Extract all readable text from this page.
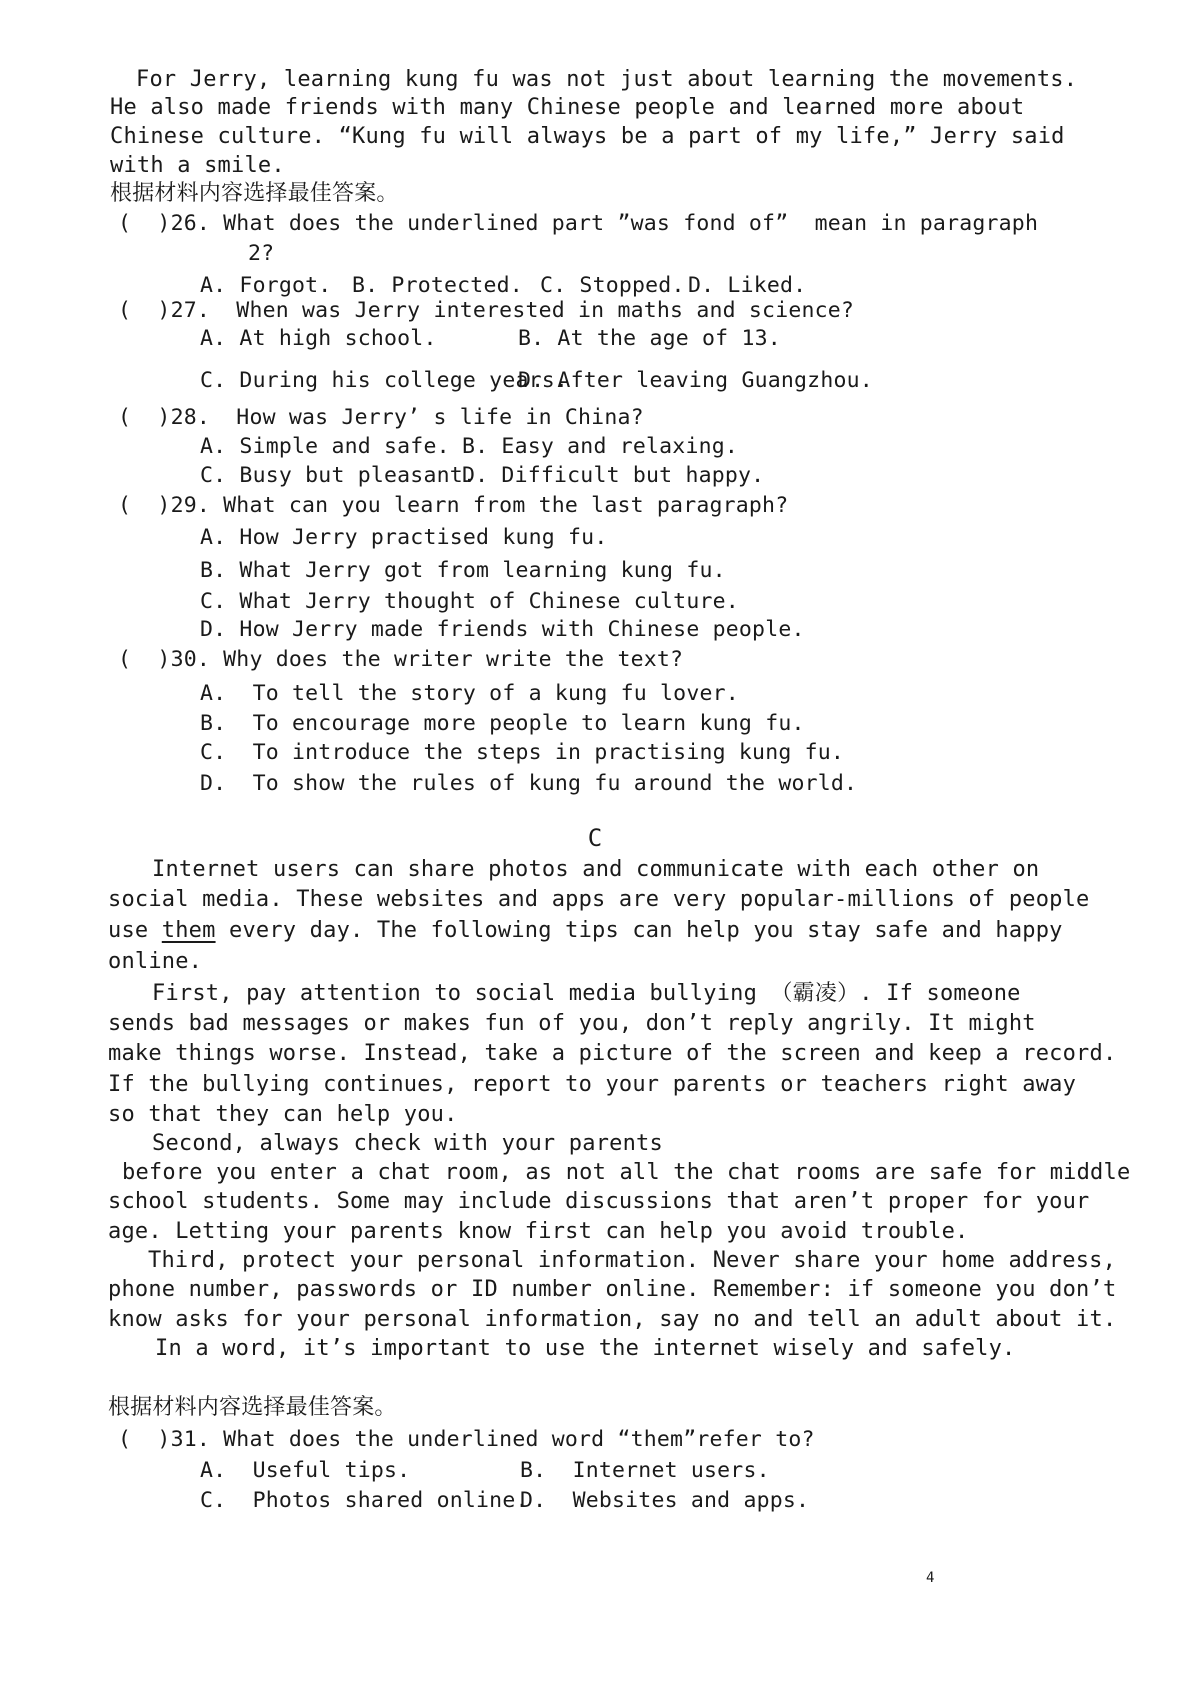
For Jerry, learning kung fu was not just about learning the movements.
He also made friends with many Chinese people and learned more about
Chinese culture. “Kung fu will always be a part of my life,” Jerry said
with a smile.
根据材料内容选择最佳答案。
(  )26. What does the underlined part ”was fond of”  mean in paragraph
2?
A. Forgot. B. Protected. C. Stopped. D. Liked.
(  )27.  When was Jerry interested in maths and science?
A. At high school.	B. At the age of 13.
C. During his college years.
D. After leaving Guangzhou.
(  )28.  How was Jerry’ s life in China?
A. Simple and safe. B. Easy and relaxing.
C. Busy but pleasant.
D. Difficult but happy.
(  )29. What can you learn from the last paragraph?
A. How Jerry practised kung fu.
B. What Jerry got from learning kung fu.
C. What Jerry thought of Chinese culture.
D. How Jerry made friends with Chinese people.
(  )30. Why does the writer write the text?
A.  To tell the story of a kung fu lover.
B.  To encourage more people to learn kung fu.
C.  To introduce the steps in practising kung fu.
D.  To show the rules of kung fu around the world.
C
Internet users can share photos and communicate with each other on
social media. These websites and apps are very popular-millions of people
use them every day. The following tips can help you stay safe and happy
online.
First, pay attention to social media bullying （霸凌）. If someone
sends bad messages or makes fun of you, don’t reply angrily. It might
make things worse. Instead, take a picture of the screen and keep a record.
If the bullying continues, report to your parents or teachers right away
so that they can help you.
Second, always check with your parents
before you enter a chat room, as not all the chat rooms are safe for middle
school students. Some may include discussions that aren’t proper for your
age. Letting your parents know first can help you avoid trouble.
Third, protect your personal information. Never share your home address,
phone number, passwords or ID number online. Remember: if someone you don’t
know asks for your personal information, say no and tell an adult about it.
In a word, it’s important to use the internet wisely and safely.
根据材料内容选择最佳答案。
(  )31. What does the underlined word “them”refer to?
A.  Useful tips.	B.  Internet users.
C.  Photos shared online.
D.  Websites and apps.
4
